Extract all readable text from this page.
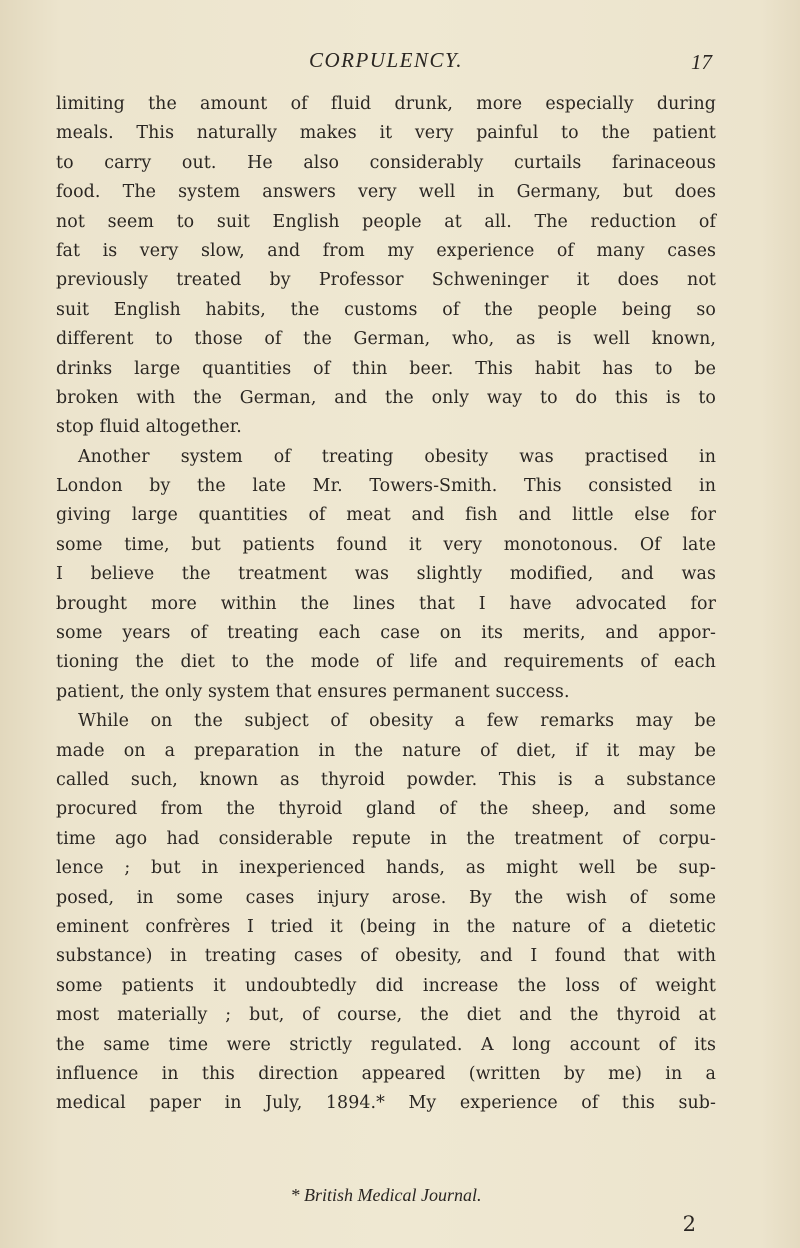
CORPULENCY.	17
limiting the amount of fluid drunk, more especially during
meals. This naturally makes it very painful to the patient
to carry out. He also considerably curtails farinaceous
food. The system answers very well in Germany, but does
not seem to suit English people at all. The reduction of
fat is very slow, and from my experience of many cases
previously treated by Professor Schweninger it does not
suit English habits, the customs of the people being so
different to those of the German, who, as is well known,
drinks large quantities of thin beer. This habit has to be
broken with the German, and the only way to do this is to
stop fluid altogether.
Another system of treating obesity was practised in
London by the late Mr. Towers-Smith. This consisted in
giving large quantities of meat and fish and little else for
some time, but patients found it very monotonous. Of late
I believe the treatment was slightly modified, and was
brought more within the lines that I have advocated for
some years of treating each case on its merits, and appor-
tioning the diet to the mode of life and requirements of each
patient, the only system that ensures permanent success.
While on the subject of obesity a few remarks may be
made on a preparation in the nature of diet, if it may be
called such, known as thyroid powder. This is a substance
procured from the thyroid gland of the sheep, and some
time ago had considerable repute in the treatment of corpu-
lence ; but in inexperienced hands, as might well be sup-
posed, in some cases injury arose. By the wish of some
eminent confrères I tried it (being in the nature of a dietetic
substance) in treating cases of obesity, and I found that with
some patients it undoubtedly did increase the loss of weight
most materially ; but, of course, the diet and the thyroid at
the same time were strictly regulated. A long account of its
influence in this direction appeared (written by me) in a
medical paper in July, 1894.* My experience of this sub-
* British Medical Journal.
2
